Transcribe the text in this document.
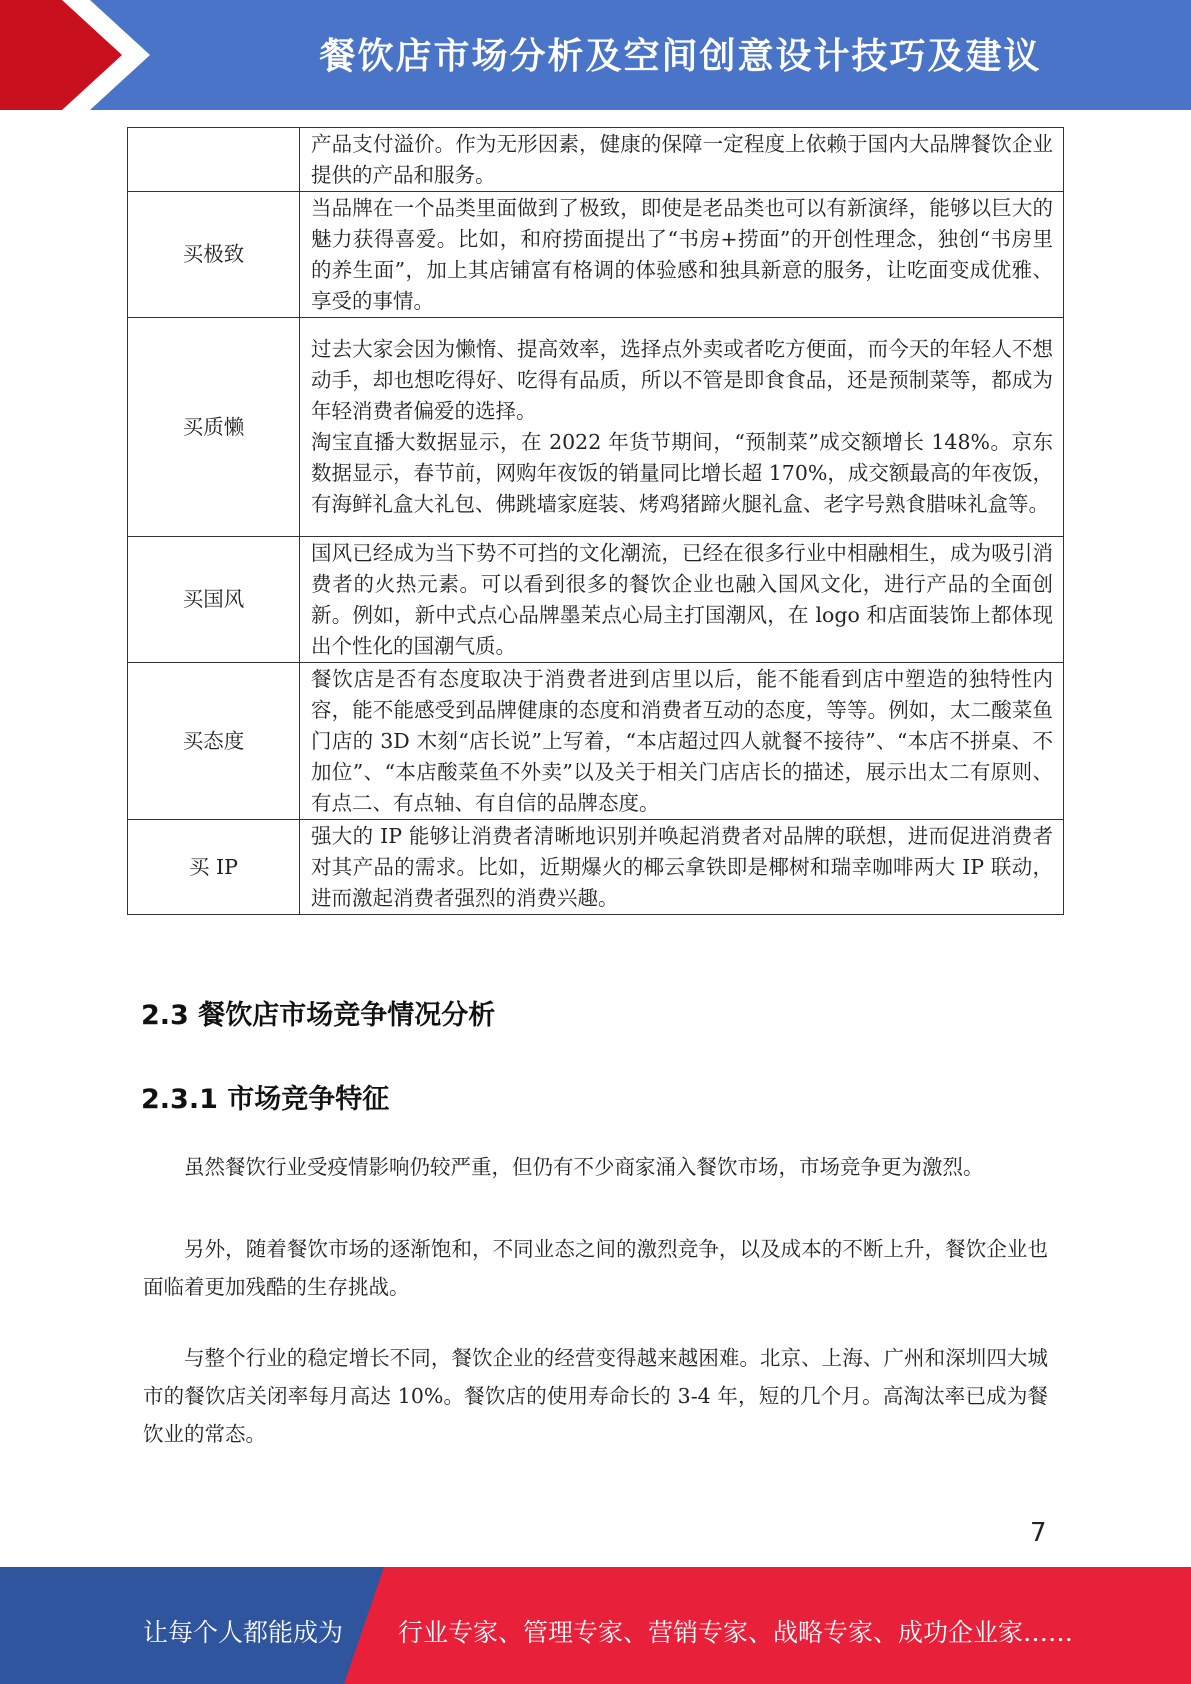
餐饮店市场分析及空间创意设计技巧及建议

	产品支付溢价。作为无形因素，健康的保障一定程度上依赖于国内大品牌餐饮企业提供的产品和服务。

买极致	当品牌在一个品类里面做到了极致，即使是老品类也可以有新演绎，能够以巨大的魅力获得喜爱。比如，和府捞面提出了“书房+捞面”的开创性理念，独创“书房里的养生面”，加上其店铺富有格调的体验感和独具新意的服务，让吃面变成优雅、享受的事情。

买质懒	过去大家会因为懒惰、提高效率，选择点外卖或者吃方便面，而今天的年轻人不想动手，却也想吃得好、吃得有品质，所以不管是即食食品，还是预制菜等，都成为年轻消费者偏爱的选择。

淘宝直播大数据显示，在 2022 年货节期间，“预制菜”成交额增长 148%。京东数据显示，春节前，网购年夜饭的销量同比增长超 170%，成交额最高的年夜饭，有海鲜礼盒大礼包、佛跳墙家庭装、烤鸡猪蹄火腿礼盒、老字号熟食腊味礼盒等。

买国风	国风已经成为当下势不可挡的文化潮流，已经在很多行业中相融相生，成为吸引消费者的火热元素。可以看到很多的餐饮企业也融入国风文化，进行产品的全面创新。例如，新中式点心品牌墨茉点心局主打国潮风，在 logo 和店面装饰上都体现出个性化的国潮气质。

买态度	餐饮店是否有态度取决于消费者进到店里以后，能不能看到店中塑造的独特性内容，能不能感受到品牌健康的态度和消费者互动的态度，等等。例如，太二酸菜鱼门店的 3D 木刻“店长说”上写着，“本店超过四人就餐不接待”、“本店不拼桌、不加位”、“本店酸菜鱼不外卖”以及关于相关门店店长的描述，展示出太二有原则、有点二、有点轴、有自信的品牌态度。

买 IP	强大的 IP 能够让消费者清晰地识别并唤起消费者对品牌的联想，进而促进消费者对其产品的需求。比如，近期爆火的椰云拿铁即是椰树和瑞幸咖啡两大 IP 联动，进而激起消费者强烈的消费兴趣。

2.3 餐饮店市场竞争情况分析
2.3.1 市场竞争特征

虽然餐饮行业受疫情影响仍较严重，但仍有不少商家涌入餐饮市场，市场竞争更为激烈。

另外，随着餐饮市场的逐渐饱和，不同业态之间的激烈竞争，以及成本的不断上升，餐饮企业也面临着更加残酷的生存挑战。

与整个行业的稳定增长不同，餐饮企业的经营变得越来越困难。北京、上海、广州和深圳四大城市的餐饮店关闭率每月高达 10%。餐饮店的使用寿命长的 3-4 年，短的几个月。高淘汰率已成为餐饮业的常态。

7
让每个人都能成为 行业专家、管理专家、营销专家、战略专家、成功企业家……
